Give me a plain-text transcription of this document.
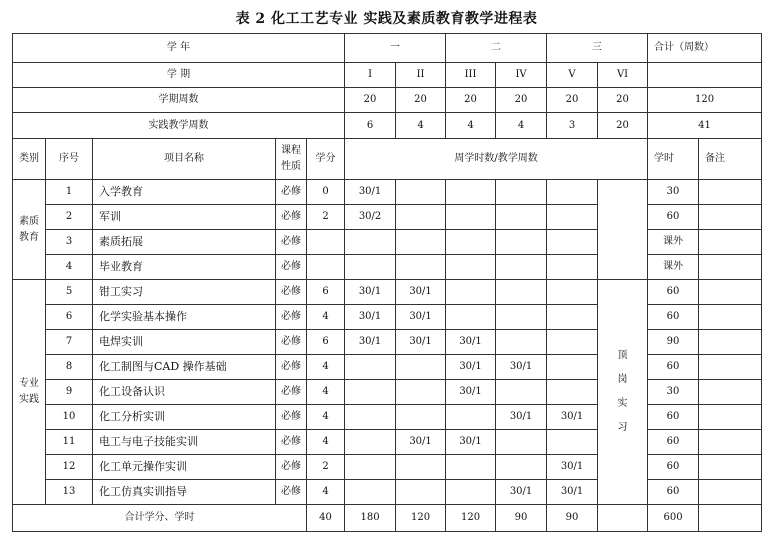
表 2 化工工艺专业 实践及素质教育教学进程表
学 年					一		二		三		合计（周数）	
学 期					I	II	III	IV	V	VI		
学期周数					20	20	20	20	20	20	120	
实践教学周数					6	4	4	4	3	20	41	
类别	序号	项目名称	课程性质	学分	周学时数/教学周数						学时	备注
素质教育	1	入学教育	必修	0	30/1						30	
	2	军训	必修	2	30/2						60	
	3	素质拓展	必修								课外	
	4	毕业教育	必修								课外	
专业实践	5	钳工实习	必修	6	30/1	30/1				顶岗实习	60	
	6	化学实验基本操作	必修	4	30/1	30/1					60	
	7	电焊实训	必修	6	30/1	30/1	30/1				90	
	8	化工制图与CAD 操作基础	必修	4			30/1	30/1			60	
	9	化工设备认识	必修	4			30/1				30	
	10	化工分析实训	必修	4				30/1	30/1		60	
	11	电工与电子技能实训	必修	4		30/1	30/1				60	
	12	化工单元操作实训	必修	2					30/1		60	
	13	化工仿真实训指导	必修	4				30/1	30/1		60	
合计学分、学时				40	180	120	120	90	90		600	
